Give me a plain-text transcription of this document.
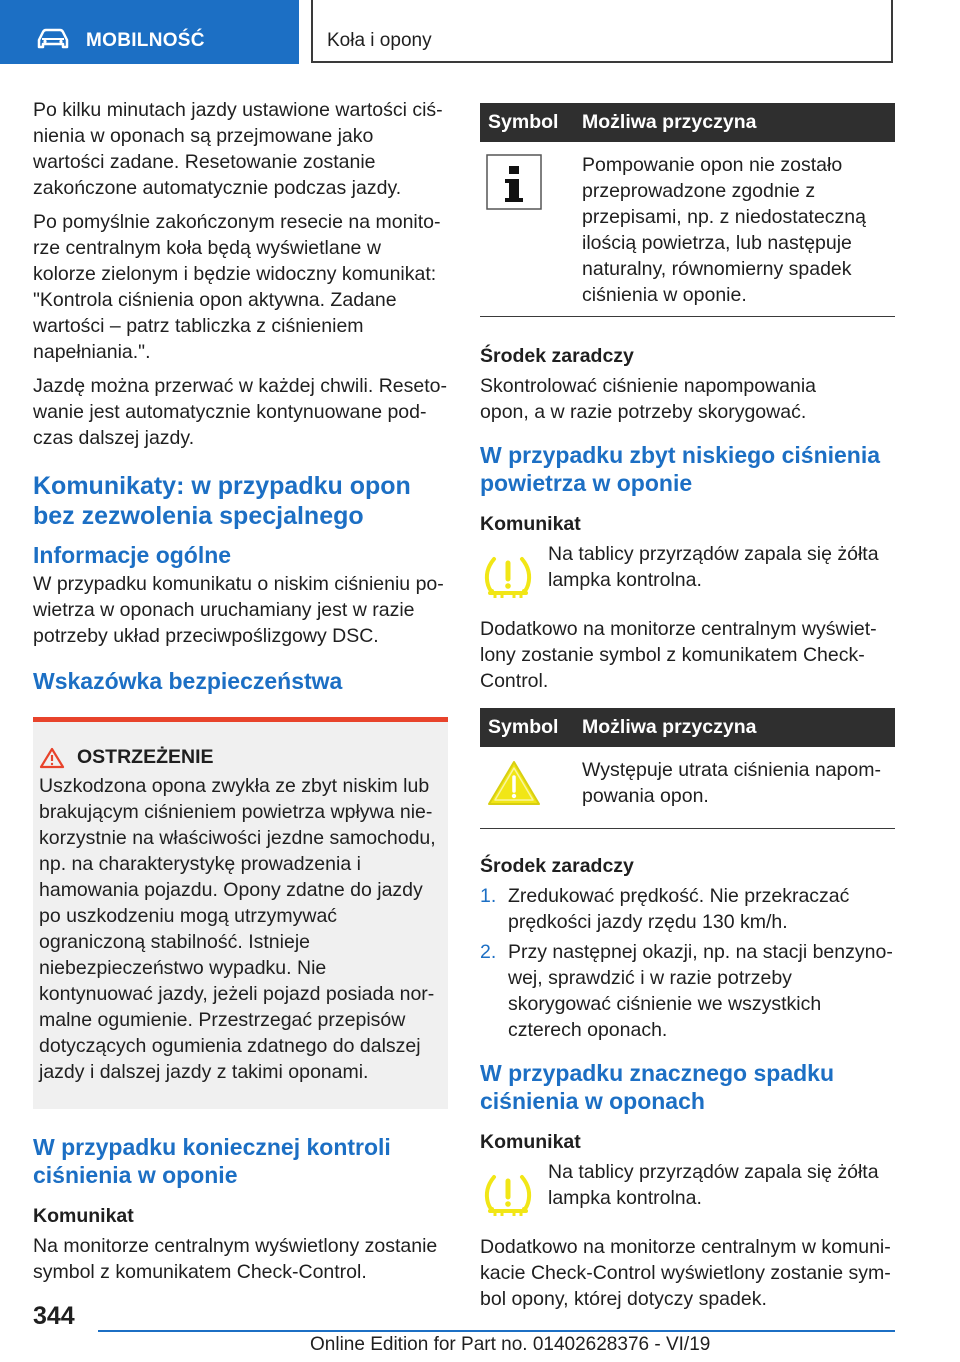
MOBILNOŚĆ	Koła i opony

Po kilku minutach jazdy ustawione wartości ciśnienia w oponach są przejmowane jako wartości zadane. Resetowanie zostanie zakończone automatycznie podczas jazdy.

Po pomyślnie zakończonym resecie na monitorze centralnym koła będą wyświetlane w kolorze zielonym i będzie widoczny komunikat: "Kontrola ciśnienia opon aktywna. Zadane wartości – patrz tabliczka z ciśnieniem napełniania.".

Jazdę można przerwać w każdej chwili. Resetowanie jest automatycznie kontynuowane podczas dalszej jazdy.

Komunikaty: w przypadku opon bez zezwolenia specjalnego
Informacje ogólne

W przypadku komunikatu o niskim ciśnieniu powietrza w oponach uruchamiany jest w razie potrzeby układ przeciwpoślizgowy DSC.

Wskazówka bezpieczeństwa
OSTRZEŻENIE

Uszkodzona opona zwykła ze zbyt niskim lub brakującym ciśnieniem powietrza wpływa niekorzystnie na właściwości jezdne samochodu, np. na charakterystykę prowadzenia i hamowania pojazdu. Opony zdatne do jazdy po uszkodzeniu mogą utrzymywać ograniczoną stabilność. Istnieje niebezpieczeństwo wypadku. Nie kontynuować jazdy, jeżeli pojazd posiada normalne ogumienie. Przestrzegać przepisów dotyczących ogumienia zdatnego do dalszej jazdy i dalszej jazdy z takimi oponami.

W przypadku koniecznej kontroli ciśnienia w oponie
Komunikat

Na monitorze centralnym wyświetlony zostanie symbol z komunikatem Check-Control.

Symbol	Możliwa przyczyna
	Pompowanie opon nie zostało przeprowadzone zgodnie z przepisami, np. z niedostateczną ilością powietrza, lub następuje naturalny, równomierny spadek ciśnienia w oponie.
Środek zaradczy

Skontrolować ciśnienie napompowania opon, a w razie potrzeby skorygować.

W przypadku zbyt niskiego ciśnienia powietrza w oponie
Komunikat
Na tablicy przyrządów zapala się żółta lampka kontrolna.

Dodatkowo na monitorze centralnym wyświetlony zostanie symbol z komunikatem Check-Control.

Symbol	Możliwa przyczyna
	Występuje utrata ciśnienia napompowania opon.
Środek zaradczy
1. Zredukować prędkość. Nie przekraczać prędkości jazdy rzędu 130 km/h.
2. Przy następnej okazji, np. na stacji benzynowej, sprawdzić i w razie potrzeby skorygować ciśnienie we wszystkich czterech oponach.
W przypadku znacznego spadku ciśnienia w oponach
Komunikat
Na tablicy przyrządów zapala się żółta lampka kontrolna.

Dodatkowo na monitorze centralnym w komunikacie Check-Control wyświetlony zostanie symbol opony, której dotyczy spadek.

344
Online Edition for Part no. 01402628376 - VI/19
